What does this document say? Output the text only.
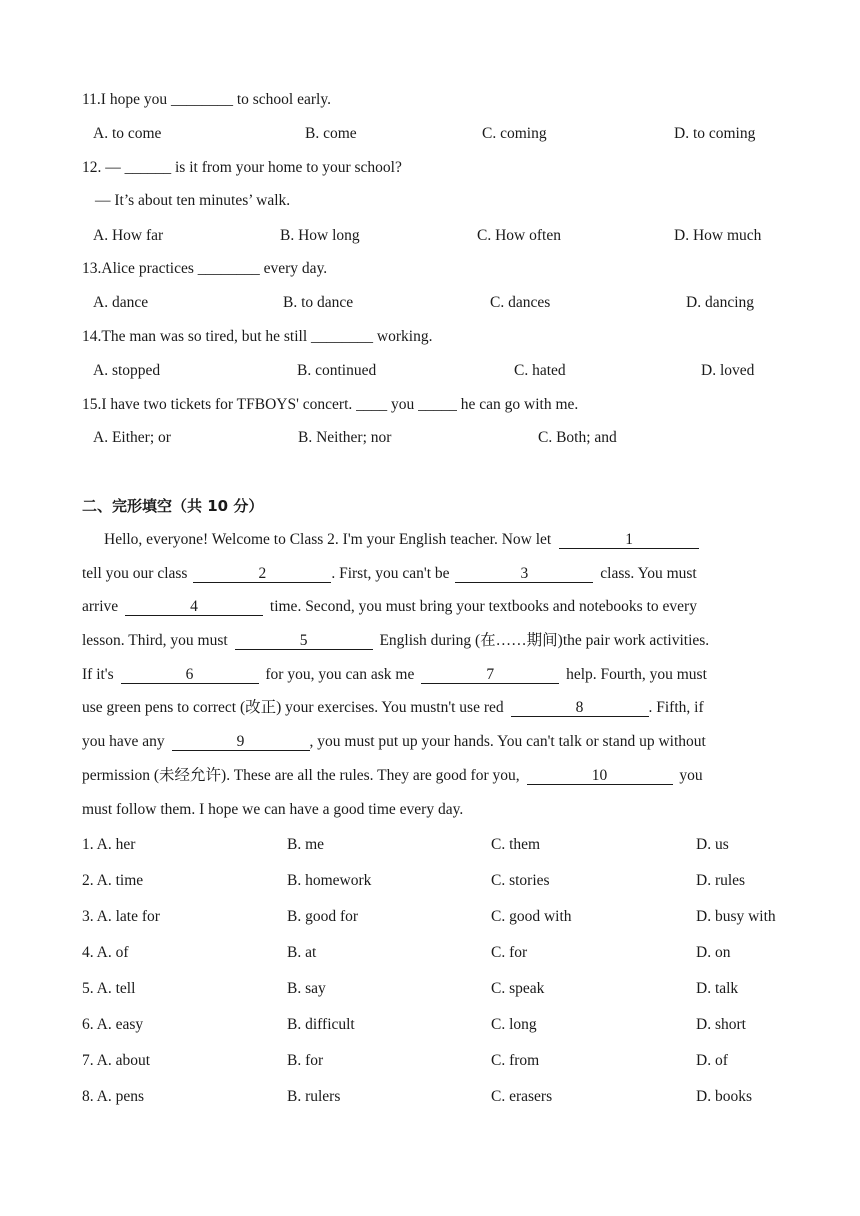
11.I hope you ________ to school early.
A. to come	B. come	C. coming	D. to coming
12. — ______ is it from your home to your school?
— It’s about ten minutes’ walk.
A. How far	B. How long	C. How often	D. How much
13.Alice practices ________ every day.
A. dance	B. to dance	C. dances	D. dancing
14.The man was so tired, but he still ________ working.
A. stopped	B. continued	C. hated	D. loved
15.I have two tickets for TFBOYS' concert. ____ you _____ he can go with me.
A. Either; or	B. Neither; nor	C. Both; and
二、完形填空（共 10 分）
Hello, everyone! Welcome to Class 2. I'm your English teacher. Now let	1
tell you our class	2	. First, you can't be	3	class. You must
arrive	4	time. Second, you must bring your textbooks and notebooks to every
lesson. Third, you must	5	English during (在……期间)the pair work activities.
If it's	6	for you, you can ask me	7	help. Fourth, you must
use green pens to correct (改正) your exercises. You mustn't use red	8	. Fifth, if
you have any	9	, you must put up your hands. You can't talk or stand up without
permission (未经允许). These are all the rules. They are good for you,	10	you
must follow them. I hope we can have a good time every day.
1. A. her	B. me	C. them	D. us
2. A. time	B. homework	C. stories	D. rules
3. A. late for	B. good for	C. good with	D. busy with
4. A. of	B. at	C. for	D. on
5. A. tell	B. say	C. speak	D. talk
6. A. easy	B. difficult	C. long	D. short
7. A. about	B. for	C. from	D. of
8. A. pens	B. rulers	C. erasers	D. books
